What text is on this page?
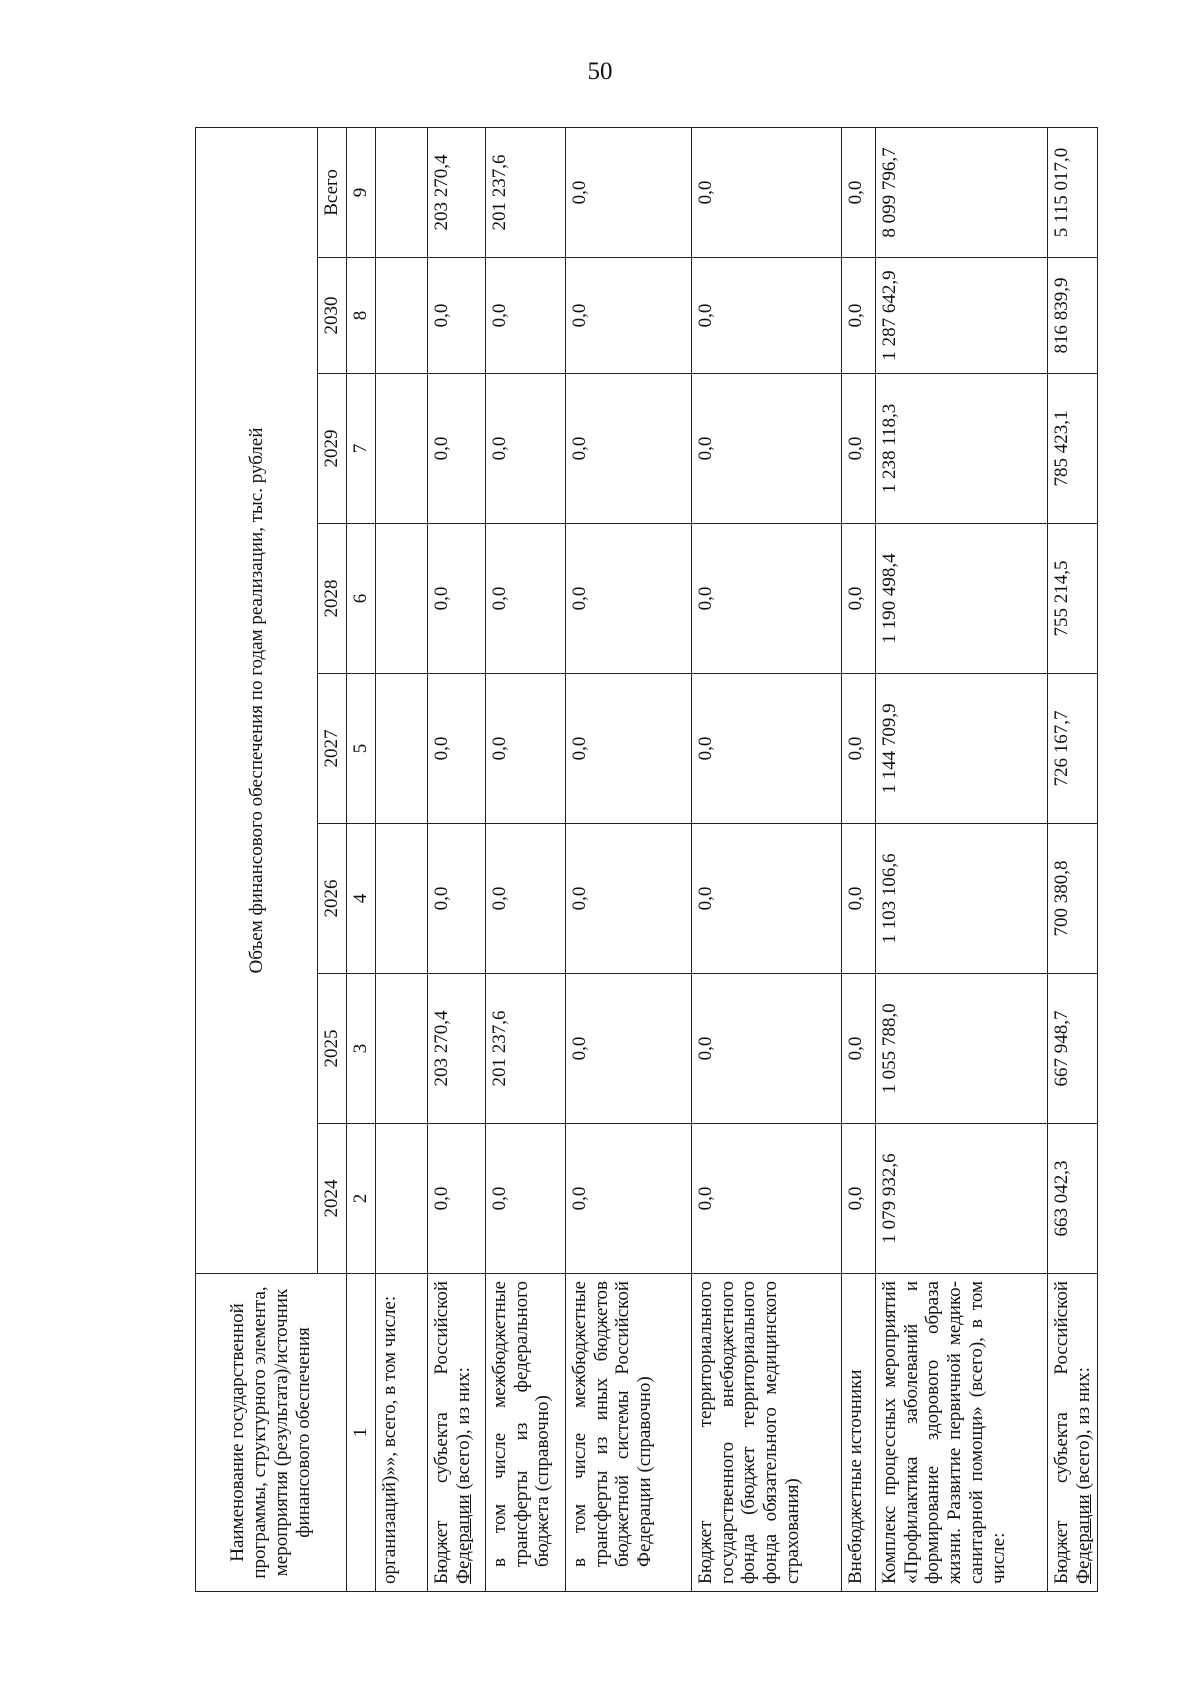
50
Наименование государственной программы, структурного элемента, мероприятия (результата)/источник финансового обеспечения	Объем финансового обеспечения по годам реализации, тыс. рублей							
	2024	2025	2026	2027	2028	2029	2030	Всего
1	2	3	4	5	6	7	8	9
организаций)»», всего, в том числе:								
Бюджет субъекта Российской Федерации (всего), из них:	0,0	203 270,4	0,0	0,0	0,0	0,0	0,0	203 270,4
в том числе межбюджетные трансферты из федерального бюджета (справочно)	0,0	201 237,6	0,0	0,0	0,0	0,0	0,0	201 237,6
в том числе межбюджетные трансферты из иных бюджетов бюджетной системы Российской Федерации (справочно)	0,0	0,0	0,0	0,0	0,0	0,0	0,0	0,0
Бюджет территориального государственного внебюджетного фонда (бюджет территориального фонда обязательного медицинского страхования)	0,0	0,0	0,0	0,0	0,0	0,0	0,0	0,0
Внебюджетные источники	0,0	0,0	0,0	0,0	0,0	0,0	0,0	0,0
Комплекс процессных мероприятий «Профилактика заболеваний и формирование здорового образа жизни. Развитие первичной медико-санитарной помощи» (всего), в том числе:	1 079 932,6	1 055 788,0	1 103 106,6	1 144 709,9	1 190 498,4	1 238 118,3	1 287 642,9	8 099 796,7
Бюджет субъекта Российской Федерации (всего), из них:	663 042,3	667 948,7	700 380,8	726 167,7	755 214,5	785 423,1	816 839,9	5 115 017,0
